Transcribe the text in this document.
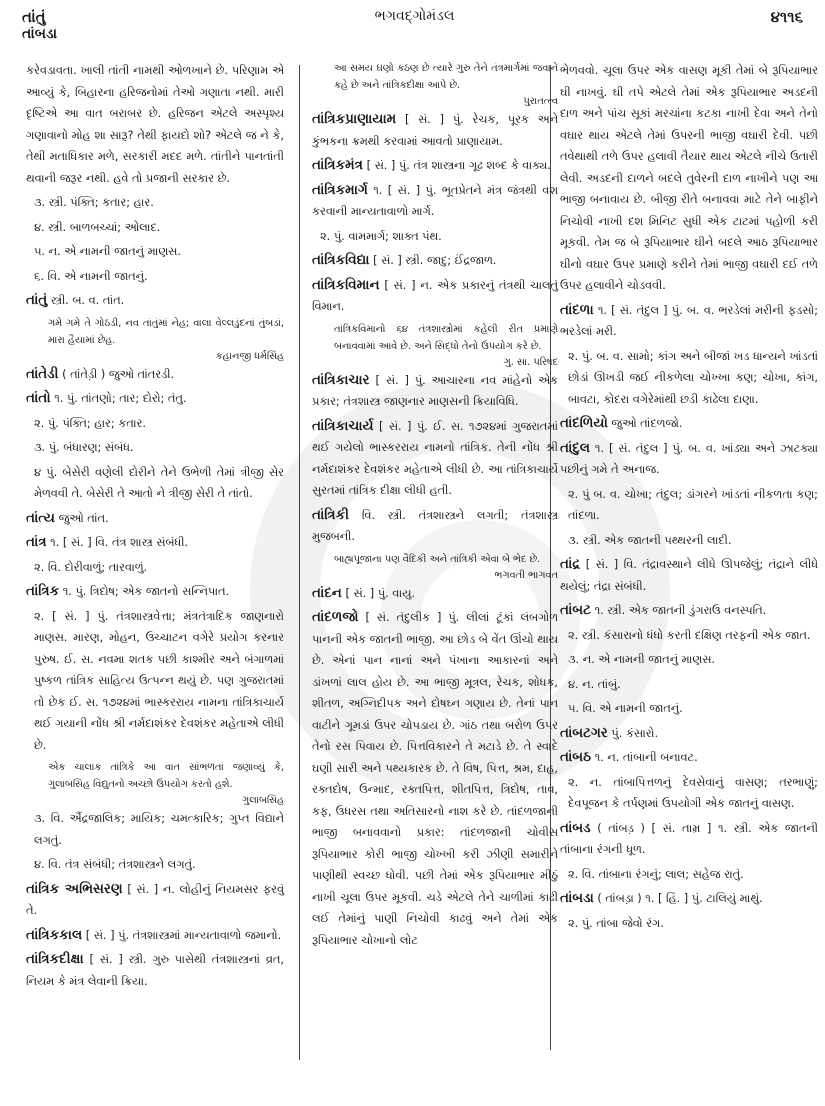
તાંતું
તાંબડા
ભગવદ્ગોમંડલ	૪૧૧૬
કરેવડાવતા. ખાલી તાંતી નામથી ઓળખાને છે. પરિણામ એ આવ્યું કે, બિહારના હરિજનોમાં તેઓ ગણાતા નથી. મારી દૃષ્ટિએ આ વાત બરાબર છે. હરિજન એટલે અસ્પૃશ્ય ગણાવાનો મોહ શા સારૂ? તેથી ફાયદો શો? એટલે જ ને કે, તેથી મતાધિકાર મળે, સરકારી મદદ મળે. તાંતીને પાનતાંતી થવાની જરૂર નથી. હવે તો પ્રજાની સરકાર છે.
૩. સ્ત્રી. પંક્તિ; કતાર; હાર.
૪. સ્ત્રી. બાળબચ્ચાં; ઓલાદ.
૫. ન. એ નામની જાતનું માણસ.
૬. વિ. એ નામની જાતનું.
તાંતું સ્ત્રી. બ. વ. તાંત.
ગમે ગમે તે ગોઠડી, નવ તાંતુંમાં નેહ; વાલા વેલ્લડુંદનાં તુંબડાં, મારા હૈયામાં છેહ.
કહાનજી ધર્મસિંહ
તાંતેડી ( તાંતેડ઼ી ) જુઓ તાંતરડી.
તાંતો ૧. પું. તાંતણો; તાર; દોરો; તંતુ.
૨. પું. પંક્તિ; હાર; કતાર.
૩. પું. બંધારણ; સંબંધ.
૪ પું. બેસેરી વણેલી દોરીને તેને ઉભેળી તેમાં ત્રીજી સેર મેળવવી તે. બેસેરી તે આતો ને ત્રીજી સેરી તે તાંતો.
તાંત્ય જુઓ તાંત.
તાંત્ર ૧. [ સં. ] વિ. તંત્ર શાસ્ત્ર સંબંધી.
૨. વિ. દોરીવાળું; તારવાળું.
તાંત્રિક ૧. પું. ત્રિદોષ; એક જાતનો સન્નિપાત.
૨. [ સં. ] પું. તંત્રશાસ્ત્રવેત્તા; મંત્રતંત્રાદિક જાણનારો માણસ. મારણ, મોહન, ઉચ્ચાટન વગેરે પ્રયોગ કરનાર પુરુષ. ઈ. સ. નવમા શતક પછી કાશ્મીર અને બંગાળમાં પુષ્કળ તાંત્રિક સાહિત્ય ઉત્પન્ન થયું છે. પણ ગુજરાતમાં તો છેક ઈ. સ. ૧૭૨૪માં ભાસ્કરરાય નામના તાંત્રિકાચાર્ય થઈ ગયાની નોંધ શ્રી નર્મદાશંકર દેવશંકર મહેતાએ લીધી છે.
એક ચાલાક તાંત્રિકે આ વાત સાંભળતાં જણાવ્યું કે, ગુલાબસિંહ વિદ્યુતનો અચ્છો ઉપયોગ કરતો હશે.
ગુલાબસિંહ
૩. વિ. ઐંદ્રજાલિક; માયિક; ચમત્કારિક; ગુપ્ત વિદ્યાને લગતું.
૪. વિ. તંત્ર સંબંધી; તંત્રશાસ્ત્રને લગતું.
તાંત્રિક અભિસરણ [ સં. ] ન. લોહીનું નિયમસર ફરવું તે.
તાંત્રિકકાલ [ સં. ] પું. તંત્રશાસ્ત્રમાં માન્યતાવાળો જમાનો.
તાંત્રિકદીક્ષા [ સં. ] સ્ત્રી. ગુરુ પાસેથી તંત્રશાસ્ત્રનાં વ્રત, નિયમ કે મંત્ર લેવાની ક્રિયા.
આ સમય ઘણો કઠણ છે ત્યારે ગુરુ તેને તંત્રમાર્ગમાં જવાને કહે છે અને તાંત્રિકદીક્ષા આપે છે.
પુરાતત્ત્વ
તાંત્રિકપ્રાણાયામ [ સં. ] પું. રેચક, પૂરક અને કુંભકના ક્રમથી કરવામાં આવતો પ્રાણાયામ.
તાંત્રિકમંત્ર [ સં. ] પું. તંત્ર શાસ્ત્રના ગૂઢ શબ્દ કે વાક્ય.
તાંત્રિકમાર્ગ ૧. [ સં. ] પું. ભૂતપ્રેતને મંત્ર જંત્રથી વશ કરવાની માન્યતાવાળો માર્ગ.
૨. પું. વામમાર્ગ; શાક્ત પંથ.
તાંત્રિકવિદ્યા [ સં. ] સ્ત્રી. જાદુ; ઈંદ્રજાળ.
તાંત્રિકવિમાન [ સં. ] ન. એક પ્રકારનું તંત્રથી ચાલતું વિમાન.
તાંત્રિકવિમાનો ૬૪ તંત્રશાસ્ત્રોમાં કહેલી રીત પ્રમાણે બનાવવામાં આવે છે. અને સિદ્ધો તેનો ઉપયોગ કરે છે.
ગુ. સા. પરિષદ
તાંત્રિકાચાર [ સં. ] પું. આચારના નવ માંહેનો એક પ્રકાર; તંત્રશાસ્ત્ર જાણનાર માણસની ક્રિયાવિધિ.
તાંત્રિકાચાર્ય [ સં. ] પું. ઈ. સ. ૧૭૨૪માં ગુજરાતમાં થઈ ગયેલો ભાસ્કરરાય નામનો તાંત્રિક. તેની નોંધ શ્રી નર્મદાશંકર દેવશંકર મહેતાએ લીધી છે. આ તાંત્રિકાચાર્યે સુરતમાં તાંત્રિક દીક્ષા લીધી હતી.
તાંત્રિકી વિ. સ્ત્રી. તંત્રશાસ્ત્રને લગતી; તંત્રશાસ્ત્ર મુજબની.
બાહ્યપૂજાના પણ વૈદિકી અને તાંત્રિકી એવા બે ભેદ છે.
ભગવતી ભાગવત
તાંદન [ સં. ] પું. વાયુ.
તાંદળજો [ સં. તંદુલીક ] પું. લીલાં ટૂંકાં લંબગોળ પાનની એક જાતની ભાજી. આ છોડ બે વેંત ઊંચો થાય છે. એનાં પાન નાનાં અને પંખાના આકારનાં અને ડાંખળાં લાલ હોય છે. આ ભાજી મૂત્રલ, રેચક, શોધક, શીતળ, અગ્નિદીપક અને દોષઘ્ન ગણાય છે. તેનાં પાન વાટીને ગૂમડાં ઉપર ચોપડાય છે. ગાંઠ તથા બરોળ ઉપર તેનો રસ પિવાય છે. પિત્તવિકારને તે મટાડે છે. તે સ્વાદે ઘણી સારી અને પથ્યકારક છે. તે વિષ, પિત્ત, શ્રમ, દાહ, રક્તદોષ, ઉન્માદ, રક્તપિત્ત, શીતપિત્ત, ત્રિદોષ, તાવ, કફ, ઉધરસ તથા અતિસારનો નાશ કરે છે. તાંદળજાની ભાજી બનાવવાનો પ્રકાર: તાંદળજાની ચોવીસ રૂપિયાભાર કોરી ભાજી ચોખ્ખી કરી ઝીણી સમારીને પાણીથી સ્વચ્છ ધોવી. પછી તેમાં એક રૂપિયાભાર મીઠું નાખી ચૂલા ઉપર મૂકવી. ચડે એટલે તેને ચાળીમાં કાઢી લઈ તેમાંનું પાણી નિચોવી કાઢવું અને તેમાં એક રૂપિયાભાર ચોખાનો લોટ
ભેળવવો. ચૂલા ઉપર એક વાસણ મૂકી તેમાં બે રૂપિયાભાર ઘી નાખવું. ઘી તપે એટલે તેમાં એક રૂપિયાભાર અડદની દાળ અને પાંચ સૂકાં મરચાંના કટકા નાખી દેવા અને તેનો વઘાર થાય એટલે તેમાં ઉપરની ભાજી વઘારી દેવી. પછી તવેથાથી તળે ઉપર હલાવી તૈયાર થાય એટલે નીચે ઉતારી લેવી. અડદની દાળને બદલે તુવેરની દાળ નાખીને પણ આ ભાજી બનાવાય છે. બીજી રીતે બનાવવા માટે તેને બાફીને નિચોવી નાખી દશ મિનિટ સુધી એક ટાટમાં પહોળી કરી મૂકવી. તેમ જ બે રૂપિયાભાર ઘીને બદલે આઠ રૂપિયાભાર ઘીનો વઘાર ઉપર પ્રમાણે કરીને તેમાં ભાજી વઘારી દઈ તળે ઉપર હલાવીને ચોડવવી.
તાંદળા ૧. [ સં. તંદુલ ] પું. બ. વ. ભરડેલાં મરીની ફડસો; ભરડેલાં મરી.
૨. પું. બ. વ. સામો; કાંગ અને બીજાં ખડ ધાન્યને ખાંડતાં છોડાં ઊખડી જઈ નીકળેલા ચોખ્ખા કણ; ચોખા, કાંગ, બાવટા, કોદરા વગેરેમાંથી છડી કાઢેલા દાણા.
તાંદળિયો જુઓ તાંદળજો.
તાંદુલ ૧. [ સં. તંદુલ ] પું. બ. વ. ખાંડ્યા અને ઝાટક્યા પછીનું ગમે તે અનાજ.
૨. પું બ. વ. ચોખા; તંદુલ; ડાંગરને ખાંડતાં નીકળતા કણ; તાંદળા.
૩. સ્ત્રી. એક જાતની પથ્થરની લાદી.
તાંદ્ર [ સં. ] વિ. તંદ્રાવસ્થાને લીધે ઊપજેલું; તંદ્રાને લીધે થયેલું; તંદ્રા સંબંધી.
તાંબટ ૧. સ્ત્રી. એક જાતની ડુંગરાઉ વનસ્પતિ.
૨. સ્ત્રી. કંસારાનો ધંધો કરતી દક્ષિણ તરફની એક જાત.
૩. ન. એ નામની જાતનું માણસ.
૪. ન. તાંબું.
૫. વિ. એ નામની જાતનું.
તાંબટગર પું. કંસારો.
તાંબઠ ૧. ન. તાંબાની બનાવટ.
૨. ન. તાંબાપિત્તળનું દેવસેવાનું વાસણ; તરભાણું; દેવપૂજન કે તર્પણમાં ઉપયોગી એક જાતનું વાસણ.
તાંબડ ( તાંબડ઼ ) [ સં. તામ્ર ] ૧. સ્ત્રી. એક જાતની તાંબાના રંગની ધૂળ.
૨. વિ. તાંબાના રંગનું; લાલ; સહેજ રાતું.
તાંબડા ( તાંબડ઼ા ) ૧. [ હિં. ] પું. ટાલિયું માથું.
૨. પું. તાંબા જેવો રંગ.
